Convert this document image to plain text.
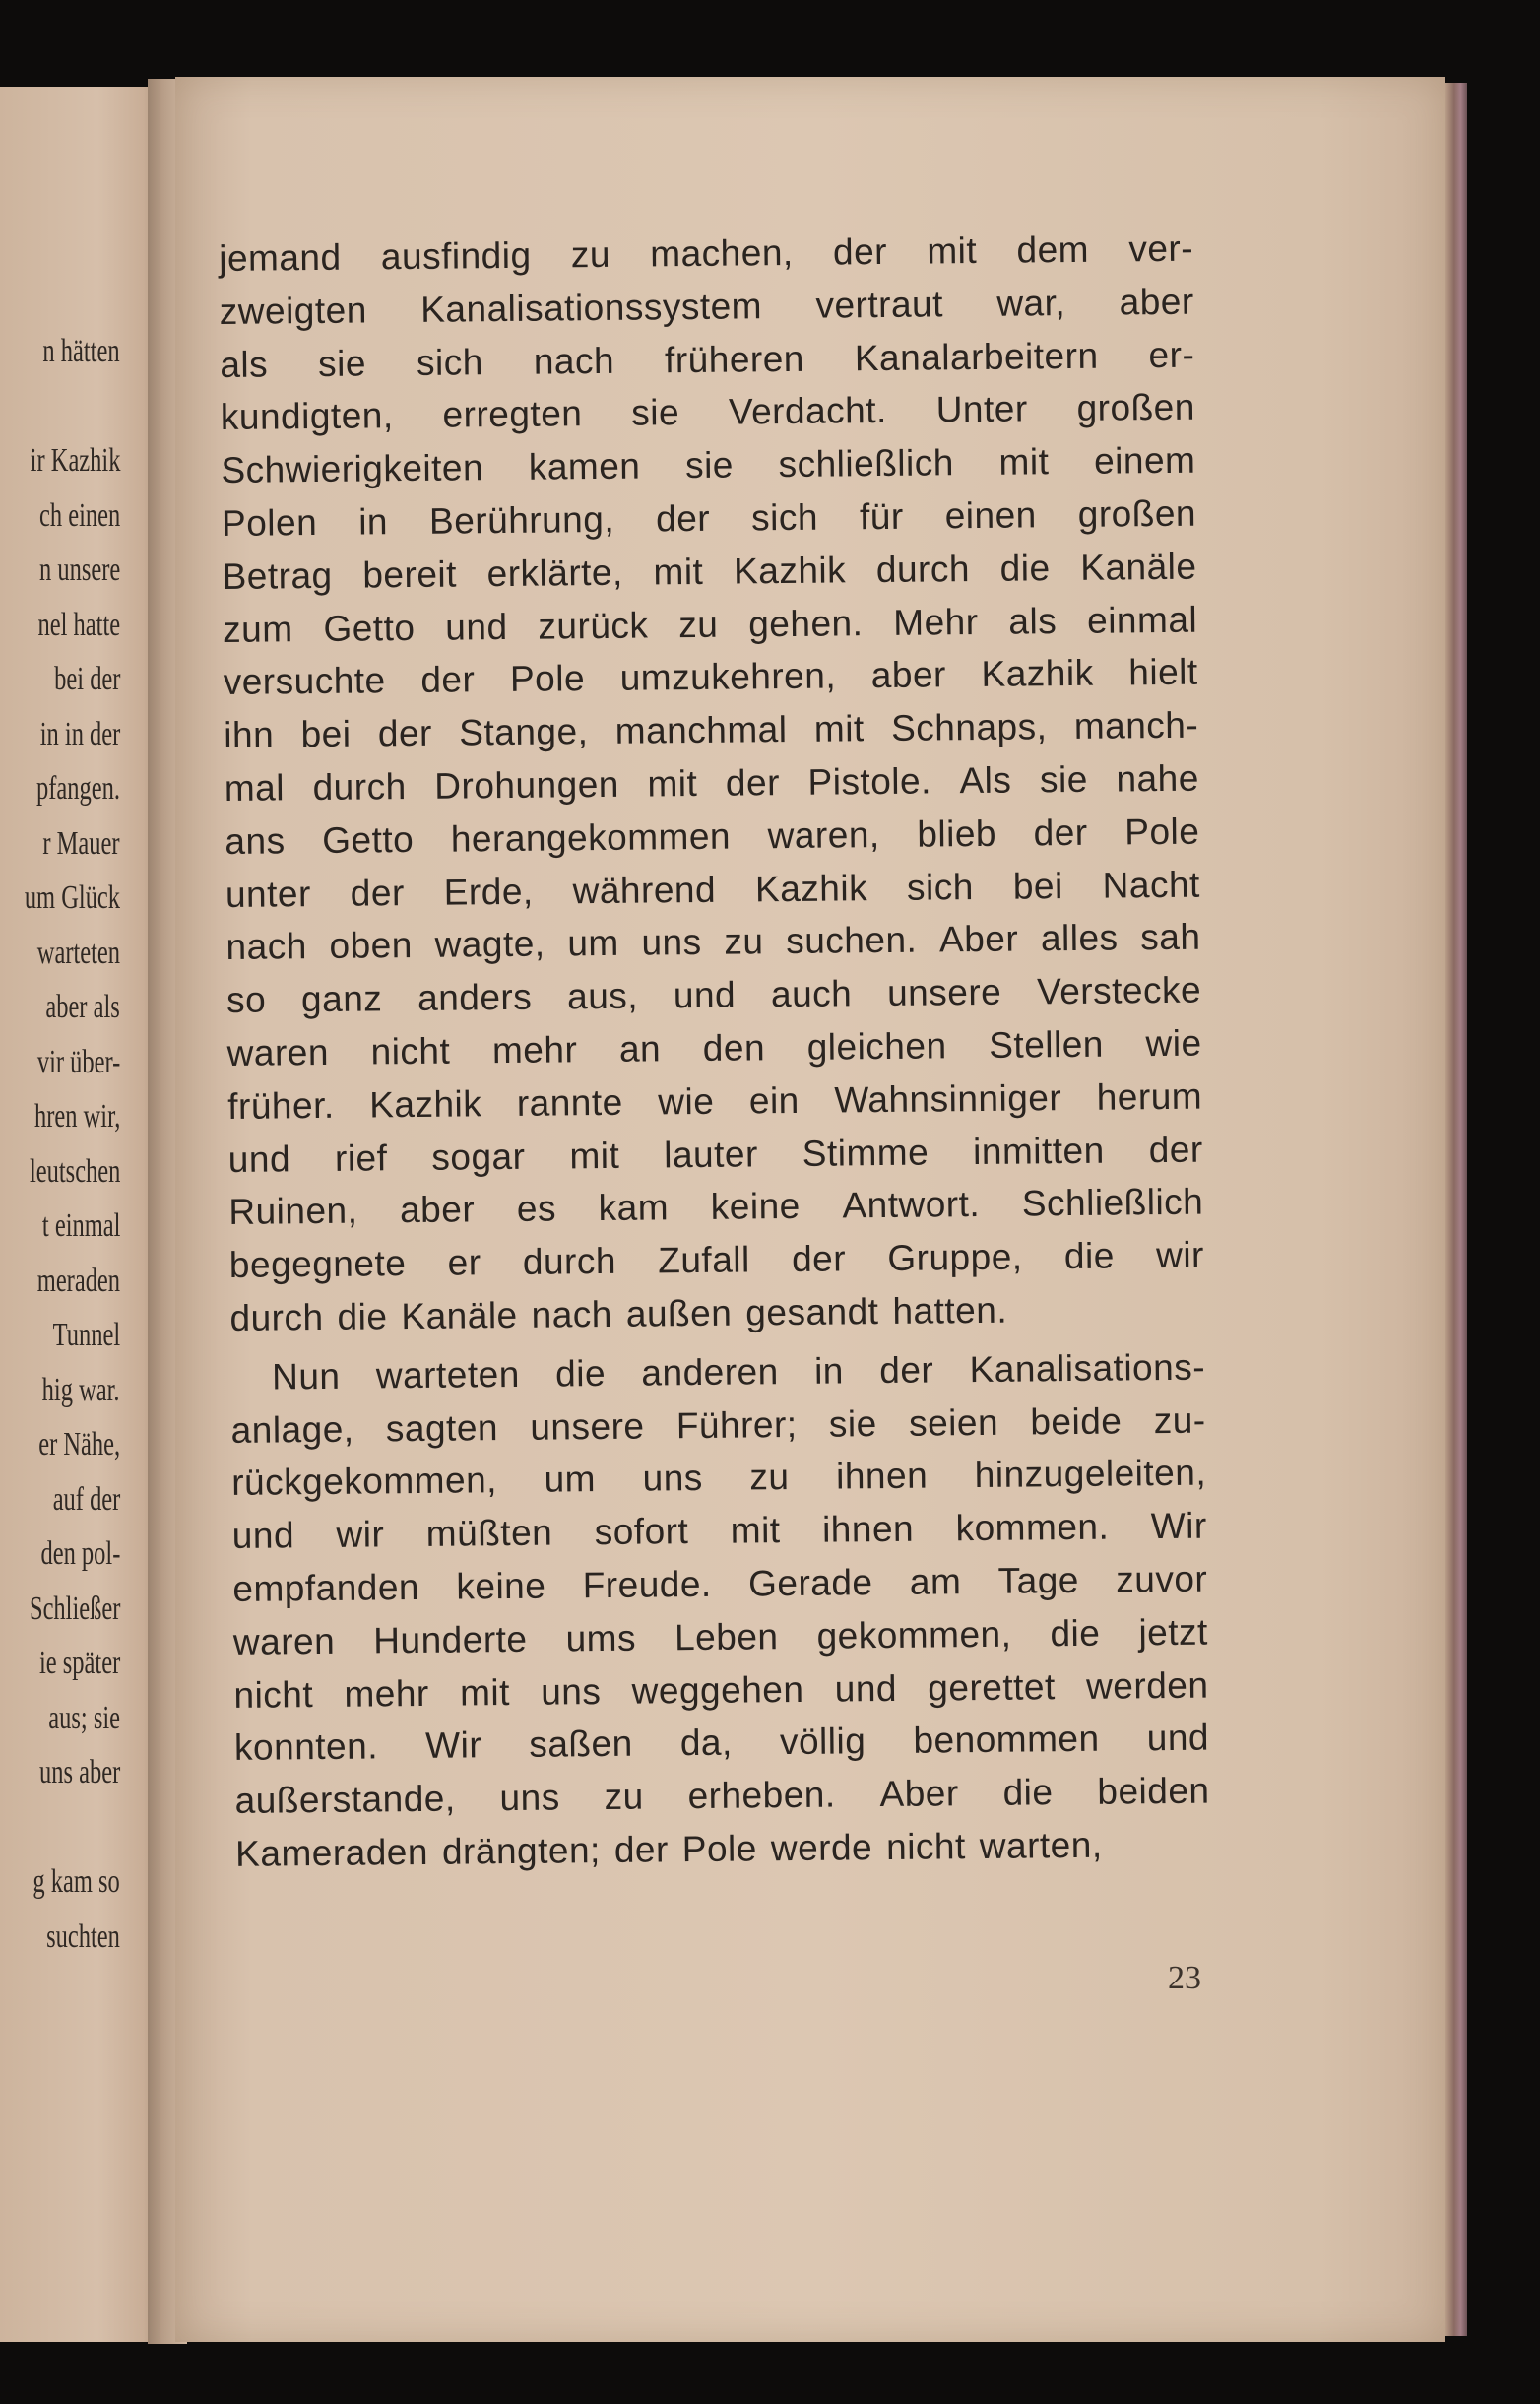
n hätten
ir Kazhik
ch einen
n unsere
nel hatte
bei der
in in der
pfangen.
r Mauer
um Glück
warteten
aber als
vir über-
hren wir,
leutschen
t einmal
meraden
Tunnel
hig war.
er Nähe,
auf der
den pol-
Schließer
ie später
aus; sie
uns aber
g kam so
suchten
jemand ausfindig zu machen, der mit dem ver-
zweigten Kanalisationssystem vertraut war, aber
als sie sich nach früheren Kanalarbeitern er-
kundigten, erregten sie Verdacht. Unter großen
Schwierigkeiten kamen sie schließlich mit einem
Polen in Berührung, der sich für einen großen
Betrag bereit erklärte, mit Kazhik durch die Kanäle
zum Getto und zurück zu gehen. Mehr als einmal
versuchte der Pole umzukehren, aber Kazhik hielt
ihn bei der Stange, manchmal mit Schnaps, manch-
mal durch Drohungen mit der Pistole. Als sie nahe
ans Getto herangekommen waren, blieb der Pole
unter der Erde, während Kazhik sich bei Nacht
nach oben wagte, um uns zu suchen. Aber alles sah
so ganz anders aus, und auch unsere Verstecke
waren nicht mehr an den gleichen Stellen wie
früher. Kazhik rannte wie ein Wahnsinniger herum
und rief sogar mit lauter Stimme inmitten der
Ruinen, aber es kam keine Antwort. Schließlich
begegnete er durch Zufall der Gruppe, die wir
durch die Kanäle nach außen gesandt hatten.
Nun warteten die anderen in der Kanalisations-
anlage, sagten unsere Führer; sie seien beide zu-
rückgekommen, um uns zu ihnen hinzugeleiten,
und wir müßten sofort mit ihnen kommen. Wir
empfanden keine Freude. Gerade am Tage zuvor
waren Hunderte ums Leben gekommen, die jetzt
nicht mehr mit uns weggehen und gerettet werden
konnten. Wir saßen da, völlig benommen und
außerstande, uns zu erheben. Aber die beiden
Kameraden drängten; der Pole werde nicht warten,
23
